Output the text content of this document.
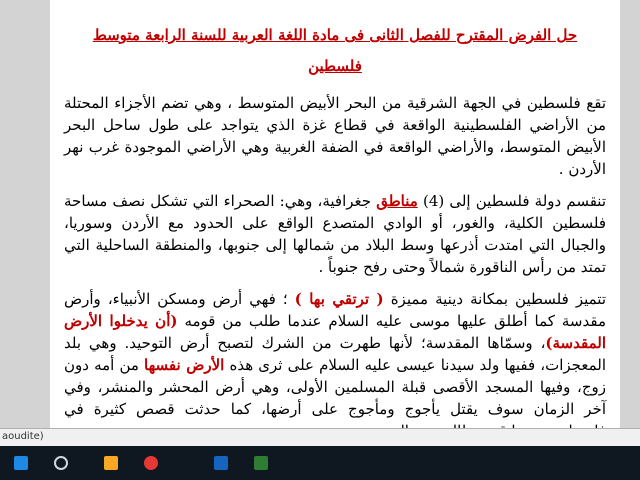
حل الفرض المقترح للفصل الثانى فى مادة اللغة العربية للسنة الرابعة متوسط
فلسطين

تقع فلسطين في الجهة الشرقية من البحر الأبيض المتوسط ، وهي تضم الأجزاء المحتلة من الأراضي الفلسطينية الواقعة في قطاع غزة الذي يتواجد على طول ساحل البحر الأبيض المتوسط، والأراضي الواقعة في الضفة الغربية وهي الأراضي الموجودة غرب نهر الأردن .

تنقسم دولة فلسطين إلى (4) مناطق جغرافية، وهي: الصحراء التي تشكل نصف مساحة فلسطين الكلية، والغور، أو الوادي المتصدع الواقع على الحدود مع الأردن وسوريا، والجبال التي امتدت أذرعها وسط البلاد من شمالها إلى جنوبها، والمنطقة الساحلية التي تمتد من رأس الناقورة شمالاً وحتى رفح جنوباً .

تتميز فلسطين بمكانة دينية مميزة ( ترتقي بها ) ؛ فهي أرض ومسكن الأنبياء، وأرض مقدسة كما أطلق عليها موسى عليه السلام عندما طلب من قومه (أن يدخلوا الأرض المقدسة)، وسمّاها المقدسة؛ لأنها طهرت من الشرك لتصبح أرض التوحيد. وهي بلد المعجزات، ففيها ولد سيدنا عيسى عليه السلام على ثرى هذه الأرض نفسها من أمه دون زوج، وفيها المسجد الأقصى قبلة المسلمين الأولى، وهي أرض المحشر والمنشر، وفي آخر الزمان سوف يقتل يأجوج ومأجوج على أرضها، كما حدثت قصص كثيرة في

aoudite)
